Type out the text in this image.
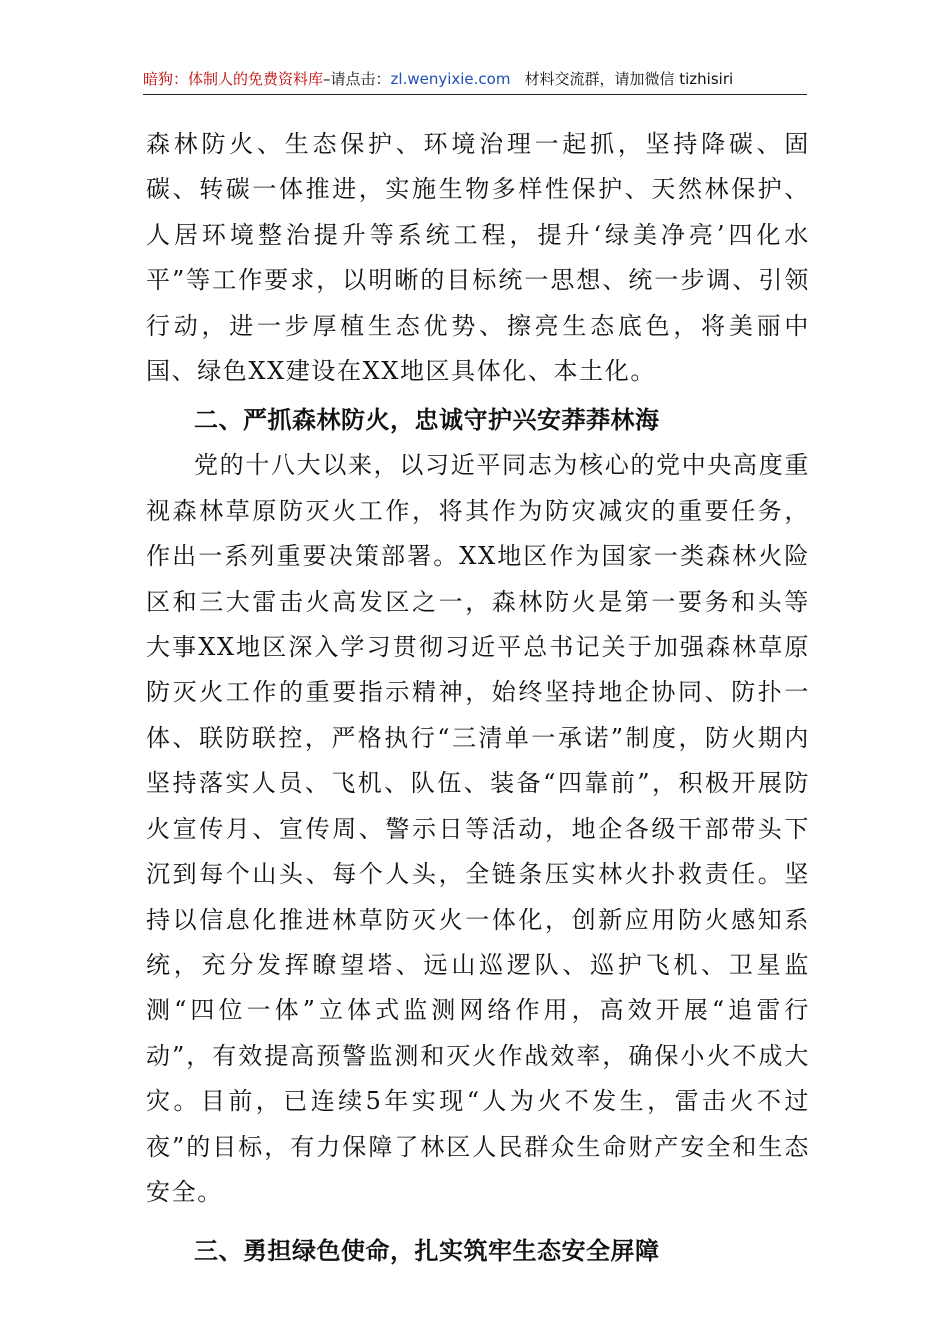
暗狗：体制人的免费资料库–请点击：zl.wenyixie.com 材料交流群，请加微信 tizhisiri

森林防火、生态保护、环境治理一起抓，坚持降碳、固碳、转碳一体推进，实施生物多样性保护、天然林保护、人居环境整治提升等系统工程，提升‘绿美净亮’四化水平”等工作要求，以明晰的目标统一思想、统一步调、引领行动，进一步厚植生态优势、擦亮生态底色，将美丽中国、绿色XX建设在XX地区具体化、本土化。

二、严抓森林防火，忠诚守护兴安莽莽林海

党的十八大以来，以习近平同志为核心的党中央高度重视森林草原防灭火工作，将其作为防灾减灾的重要任务，作出一系列重要决策部署。XX地区作为国家一类森林火险区和三大雷击火高发区之一，森林防火是第一要务和头等大事XX地区深入学习贯彻习近平总书记关于加强森林草原防灭火工作的重要指示精神，始终坚持地企协同、防扑一体、联防联控，严格执行“三清单一承诺”制度，防火期内坚持落实人员、飞机、队伍、装备“四靠前”，积极开展防火宣传月、宣传周、警示日等活动，地企各级干部带头下沉到每个山头、每个人头，全链条压实林火扑救责任。坚持以信息化推进林草防灭火一体化，创新应用防火感知系统，充分发挥瞭望塔、远山巡逻队、巡护飞机、卫星监测“四位一体”立体式监测网络作用，高效开展“追雷行动”，有效提高预警监测和灭火作战效率，确保小火不成大灾。目前，已连续5年实现“人为火不发生，雷击火不过夜”的目标，有力保障了林区人民群众生命财产安全和生态安全。

三、勇担绿色使命，扎实筑牢生态安全屏障
